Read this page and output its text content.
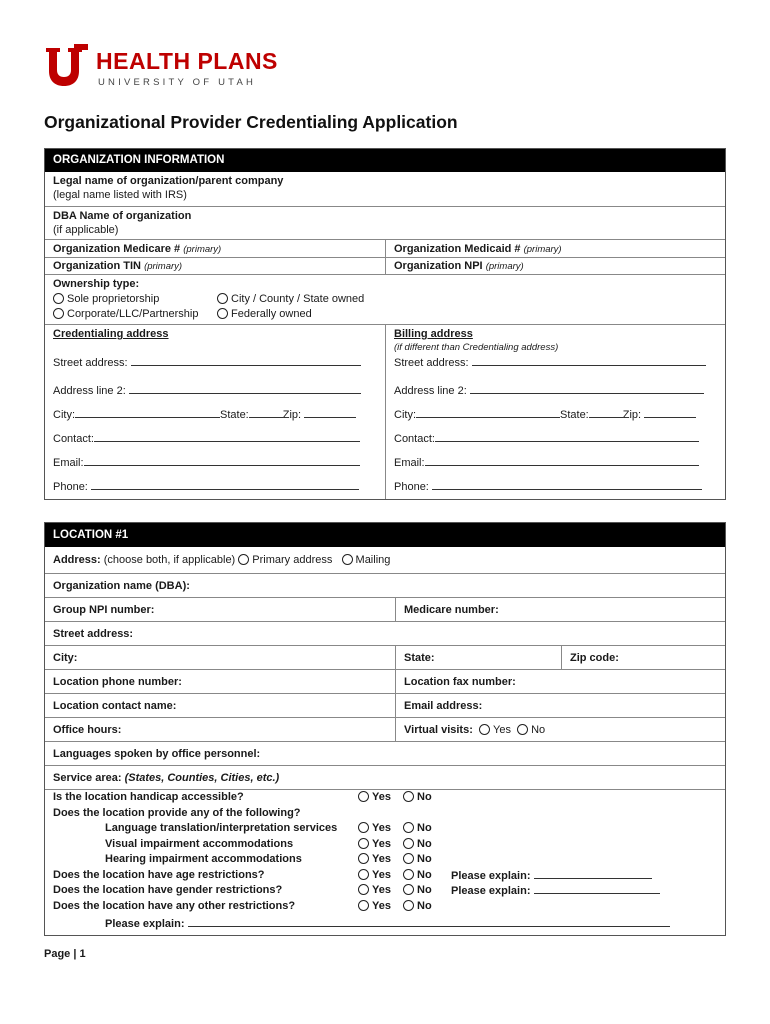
HEALTH PLANS
UNIVERSITY OF UTAH
Organizational Provider Credentialing Application
ORGANIZATION INFORMATION
Legal name of organization/parent company
(legal name listed with IRS)
DBA Name of organization
(if applicable)
Organization Medicare # (primary)	Organization Medicaid # (primary)
Organization TIN (primary)	Organization NPI (primary)
Ownership type:
Sole proprietorship	City / County / State owned
Corporate/LLC/Partnership	Federally owned
Credentialing address
Street address:
Address line 2:
City:	State:	Zip:
Contact:
Email:
Phone:
Billing address
(if different than Credentialing address)
Street address:
Address line 2:
City:	State:	Zip:
Contact:
Email:
Phone:
LOCATION #1
Address: (choose both, if applicable) Primary address Mailing
Organization name (DBA):
Group NPI number:	Medicare number:
Street address:
City:	State:	Zip code:
Location phone number:	Location fax number:
Location contact name:	Email address:
Office hours:	Virtual visits: Yes No
Languages spoken by office personnel:
Service area: (States, Counties, Cities, etc.)
Is the location handicap accessible?	Yes	No
Does the location provide any of the following?
Language translation/interpretation services	Yes	No
Visual impairment accommodations	Yes	No
Hearing impairment accommodations	Yes	No
Does the location have age restrictions?	Yes	No Please explain:
Does the location have gender restrictions?	Yes	No Please explain:
Does the location have any other restrictions?	Yes	No
Please explain:
Page | 1
